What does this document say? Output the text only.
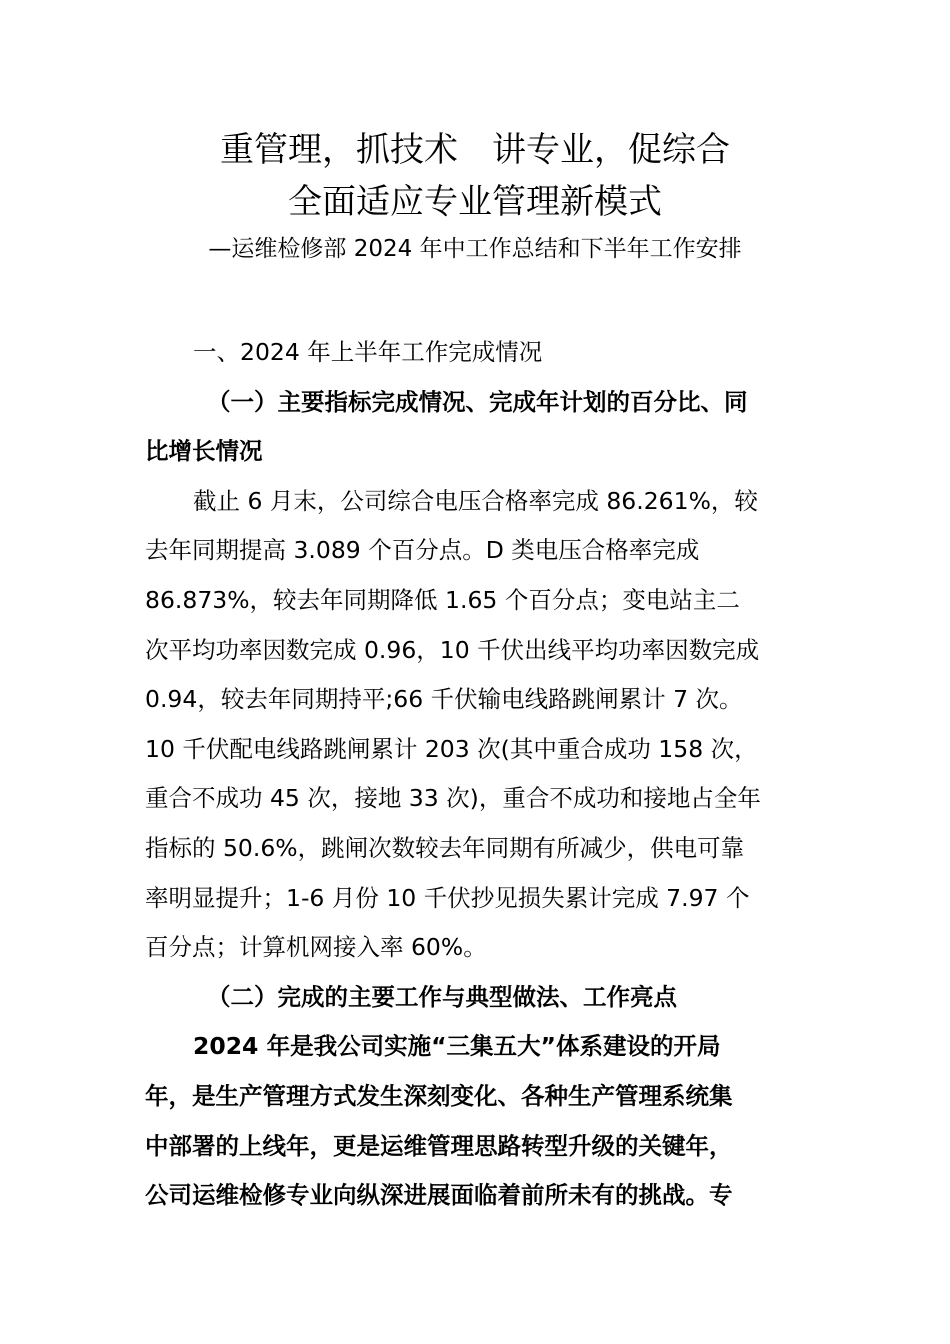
重管理，抓技术　讲专业，促综合
全面适应专业管理新模式

—运维检修部 2024 年中工作总结和下半年工作安排

一、2024 年上半年工作完成情况

（一）主要指标完成情况、完成年计划的百分比、同
比增长情况

截止 6 月末，公司综合电压合格率完成 86.261%，较
去年同期提高 3.089 个百分点。D 类电压合格率完成
86.873%，较去年同期降低 1.65 个百分点；变电站主二
次平均功率因数完成 0.96，10 千伏出线平均功率因数完成
0.94，较去年同期持平;66 千伏输电线路跳闸累计 7 次。
10 千伏配电线路跳闸累计 203 次(其中重合成功 158 次，
重合不成功 45 次，接地 33 次)，重合不成功和接地占全年
指标的 50.6%，跳闸次数较去年同期有所减少，供电可靠
率明显提升；1-6 月份 10 千伏抄见损失累计完成 7.97 个
百分点；计算机网接入率 60%。

（二）完成的主要工作与典型做法、工作亮点

2024 年是我公司实施“三集五大”体系建设的开局
年，是生产管理方式发生深刻变化、各种生产管理系统集
中部署的上线年，更是运维管理思路转型升级的关键年，
公司运维检修专业向纵深进展面临着前所未有的挑战。专
